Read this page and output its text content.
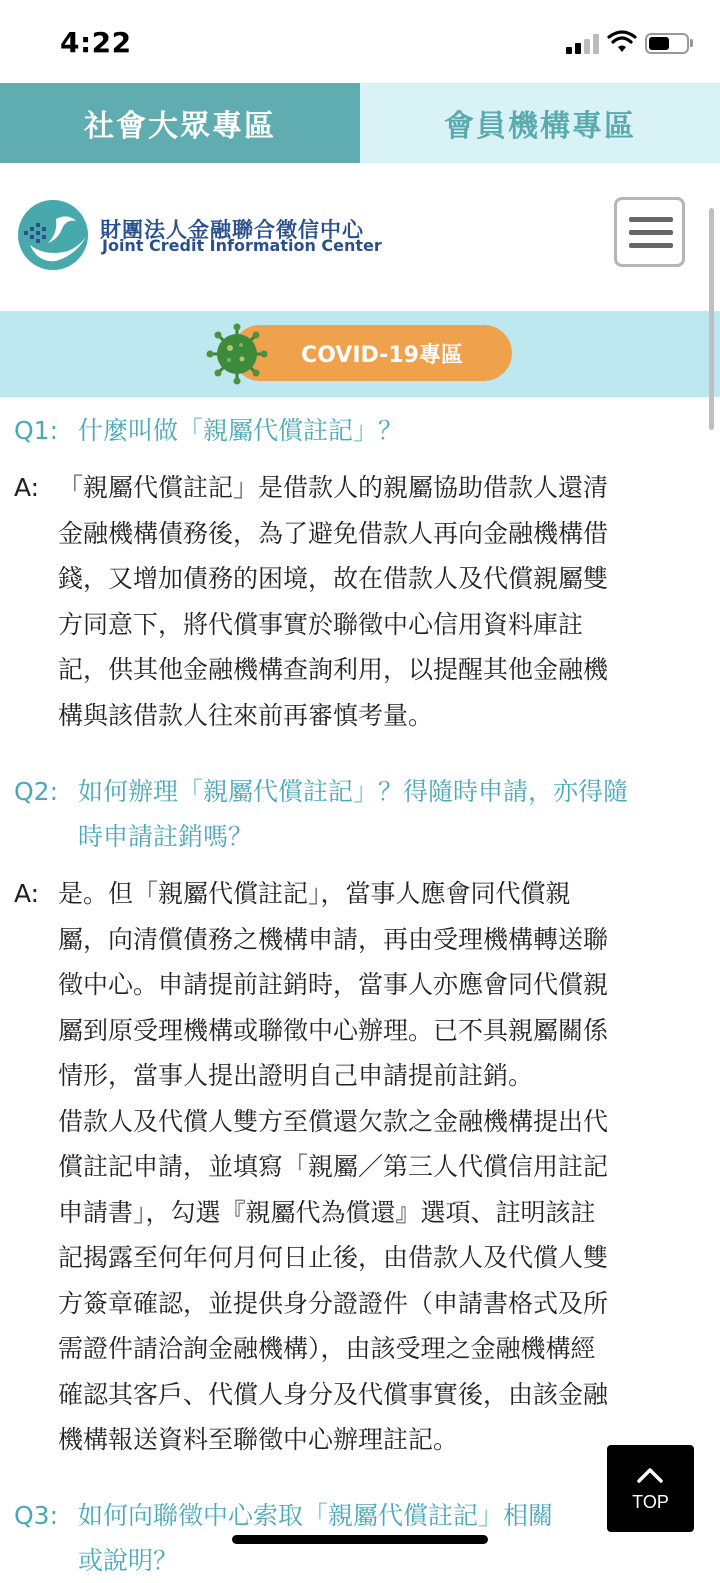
4:22
社會大眾專區	會員機構專區
財團法人金融聯合徵信中心
Joint Credit Information Center
COVID-19專區
Q1: 什麼叫做「親屬代償註記」？
A: 「親屬代償註記」是借款人的親屬協助借款人還清
金融機構債務後，為了避免借款人再向金融機構借
錢，又增加債務的困境，故在借款人及代償親屬雙
方同意下，將代償事實於聯徵中心信用資料庫註
記，供其他金融機構查詢利用，以提醒其他金融機
構與該借款人往來前再審慎考量。
Q2: 如何辦理「親屬代償註記」？得隨時申請，亦得隨
時申請註銷嗎？
A: 是。但「親屬代償註記」，當事人應會同代償親
屬，向清償債務之機構申請，再由受理機構轉送聯
徵中心。申請提前註銷時，當事人亦應會同代償親
屬到原受理機構或聯徵中心辦理。已不具親屬關係
情形，當事人提出證明自己申請提前註銷。
借款人及代償人雙方至償還欠款之金融機構提出代
償註記申請，並填寫「親屬／第三人代償信用註記
申請書」，勾選『親屬代為償還』選項、註明該註
記揭露至何年何月何日止後，由借款人及代償人雙
方簽章確認，並提供身分證證件（申請書格式及所
需證件請洽詢金融機構），由該受理之金融機構經
確認其客戶、代償人身分及代償事實後，由該金融
機構報送資料至聯徵中心辦理註記。
Q3: 如何向聯徵中心索取「親屬代償註記」相關
或說明？
TOP
